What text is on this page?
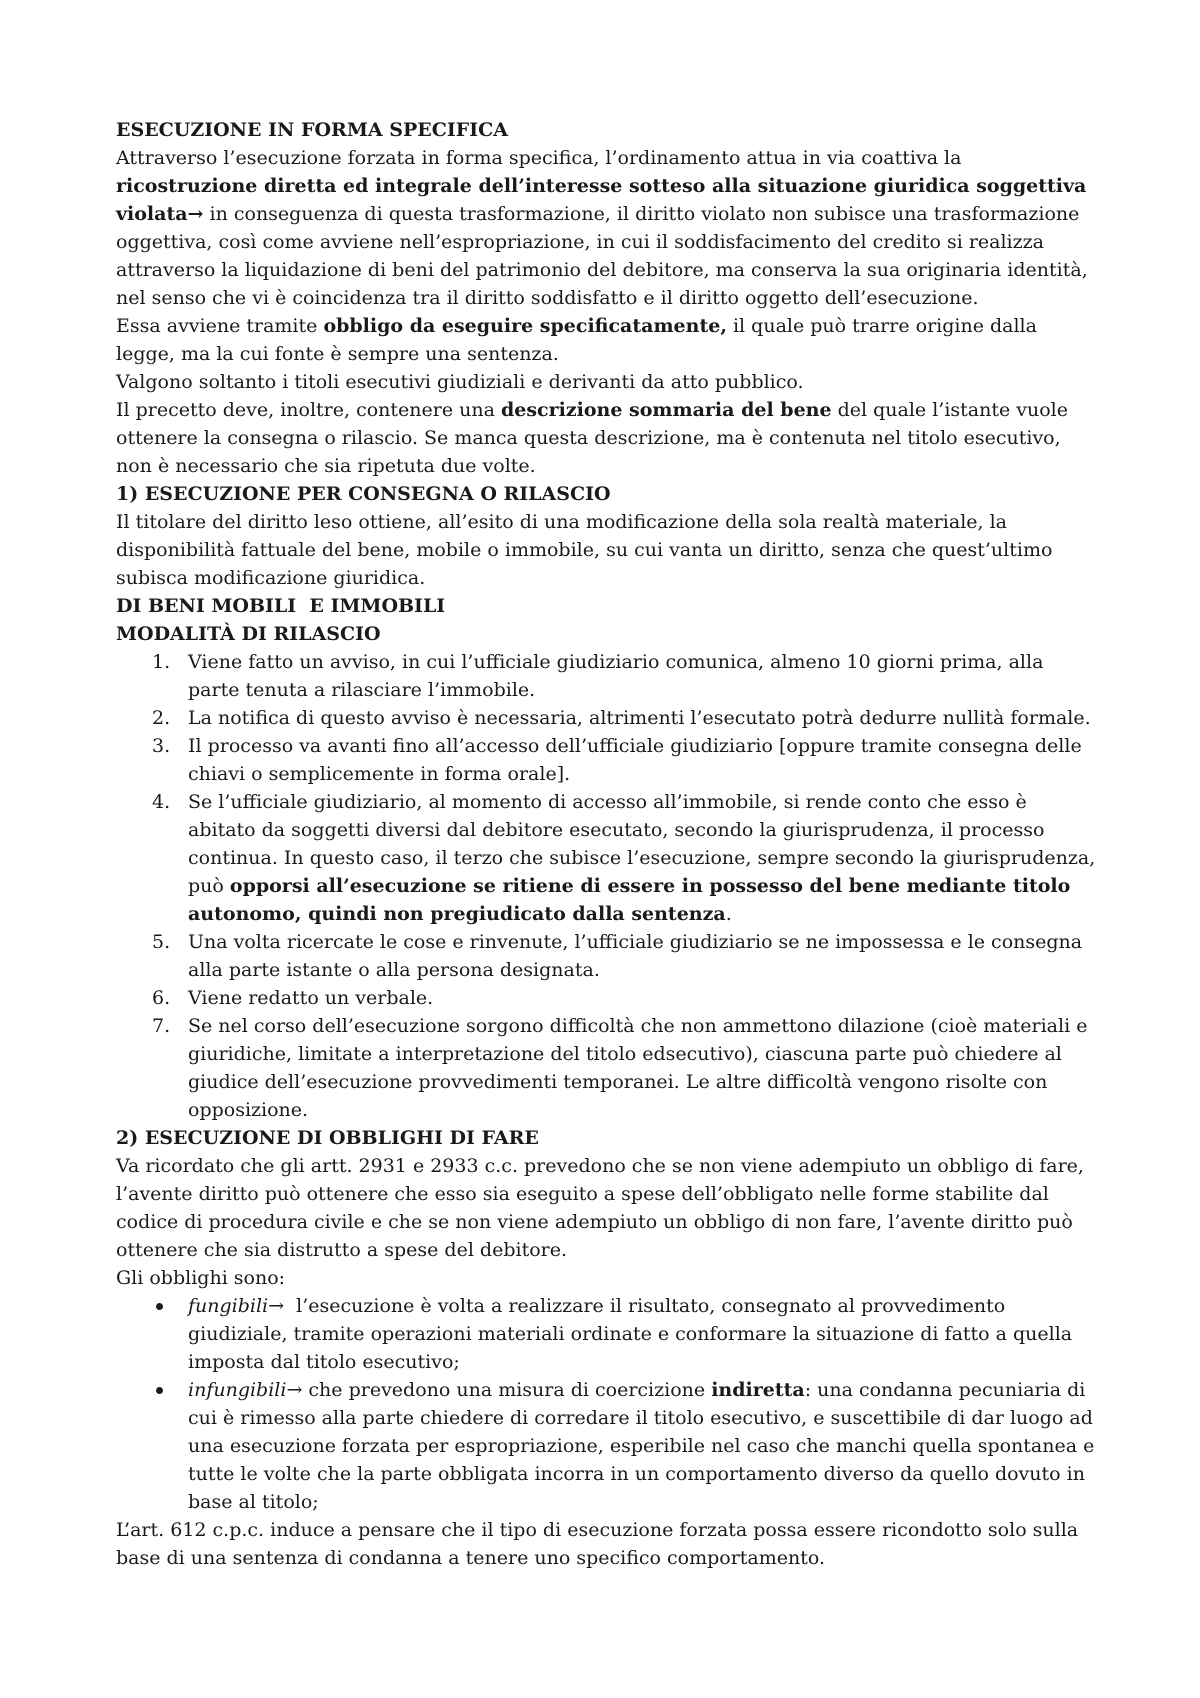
ESECUZIONE IN FORMA SPECIFICA

Attraverso l’esecuzione forzata in forma specifica, l’ordinamento attua in via coattiva la ricostruzione diretta ed integrale dell’interesse sotteso alla situazione giuridica soggettiva violata→ in conseguenza di questa trasformazione, il diritto violato non subisce una trasformazione oggettiva, così come avviene nell’espropriazione, in cui il soddisfacimento del credito si realizza attraverso la liquidazione di beni del patrimonio del debitore, ma conserva la sua originaria identità, nel senso che vi è coincidenza tra il diritto soddisfatto e il diritto oggetto dell’esecuzione.

Essa avviene tramite obbligo da eseguire specificatamente, il quale può trarre origine dalla legge, ma la cui fonte è sempre una sentenza.

Valgono soltanto i titoli esecutivi giudiziali e derivanti da atto pubblico.

Il precetto deve, inoltre, contenere una descrizione sommaria del bene del quale l’istante vuole ottenere la consegna o rilascio. Se manca questa descrizione, ma è contenuta nel titolo esecutivo, non è necessario che sia ripetuta due volte.

1) ESECUZIONE PER CONSEGNA O RILASCIO

Il titolare del diritto leso ottiene, all’esito di una modificazione della sola realtà materiale, la disponibilità fattuale del bene, mobile o immobile, su cui vanta un diritto, senza che quest’ultimo subisca modificazione giuridica.

DI BENI MOBILI  E IMMOBILI

MODALITÀ DI RILASCIO

1. Viene fatto un avviso, in cui l’ufficiale giudiziario comunica, almeno 10 giorni prima, alla parte tenuta a rilasciare l’immobile.
2. La notifica di questo avviso è necessaria, altrimenti l’esecutato potrà dedurre nullità formale.
3. Il processo va avanti fino all’accesso dell’ufficiale giudiziario [oppure tramite consegna delle chiavi o semplicemente in forma orale].
4. Se l’ufficiale giudiziario, al momento di accesso all’immobile, si rende conto che esso è abitato da soggetti diversi dal debitore esecutato, secondo la giurisprudenza, il processo continua. In questo caso, il terzo che subisce l’esecuzione, sempre secondo la giurisprudenza, può opporsi all’esecuzione se ritiene di essere in possesso del bene mediante titolo autonomo, quindi non pregiudicato dalla sentenza.
5. Una volta ricercate le cose e rinvenute, l’ufficiale giudiziario se ne impossessa e le consegna alla parte istante o alla persona designata.
6. Viene redatto un verbale.
7. Se nel corso dell’esecuzione sorgono difficoltà che non ammettono dilazione (cioè materiali e giuridiche, limitate a interpretazione del titolo edsecutivo), ciascuna parte può chiedere al giudice dell’esecuzione provvedimenti temporanei. Le altre difficoltà vengono risolte con opposizione.

2) ESECUZIONE DI OBBLIGHI DI FARE

Va ricordato che gli artt. 2931 e 2933 c.c. prevedono che se non viene adempiuto un obbligo di fare, l’avente diritto può ottenere che esso sia eseguito a spese dell’obbligato nelle forme stabilite dal codice di procedura civile e che se non viene adempiuto un obbligo di non fare, l’avente diritto può ottenere che sia distrutto a spese del debitore.

Gli obblighi sono:

fungibili→  l’esecuzione è volta a realizzare il risultato, consegnato al provvedimento giudiziale, tramite operazioni materiali ordinate e conformare la situazione di fatto a quella imposta dal titolo esecutivo;
infungibili→ che prevedono una misura di coercizione indiretta: una condanna pecuniaria di cui è rimesso alla parte chiedere di corredare il titolo esecutivo, e suscettibile di dar luogo ad una esecuzione forzata per espropriazione, esperibile nel caso che manchi quella spontanea e tutte le volte che la parte obbligata incorra in un comportamento diverso da quello dovuto in base al titolo;

L’art. 612 c.p.c. induce a pensare che il tipo di esecuzione forzata possa essere ricondotto solo sulla base di una sentenza di condanna a tenere uno specifico comportamento.
